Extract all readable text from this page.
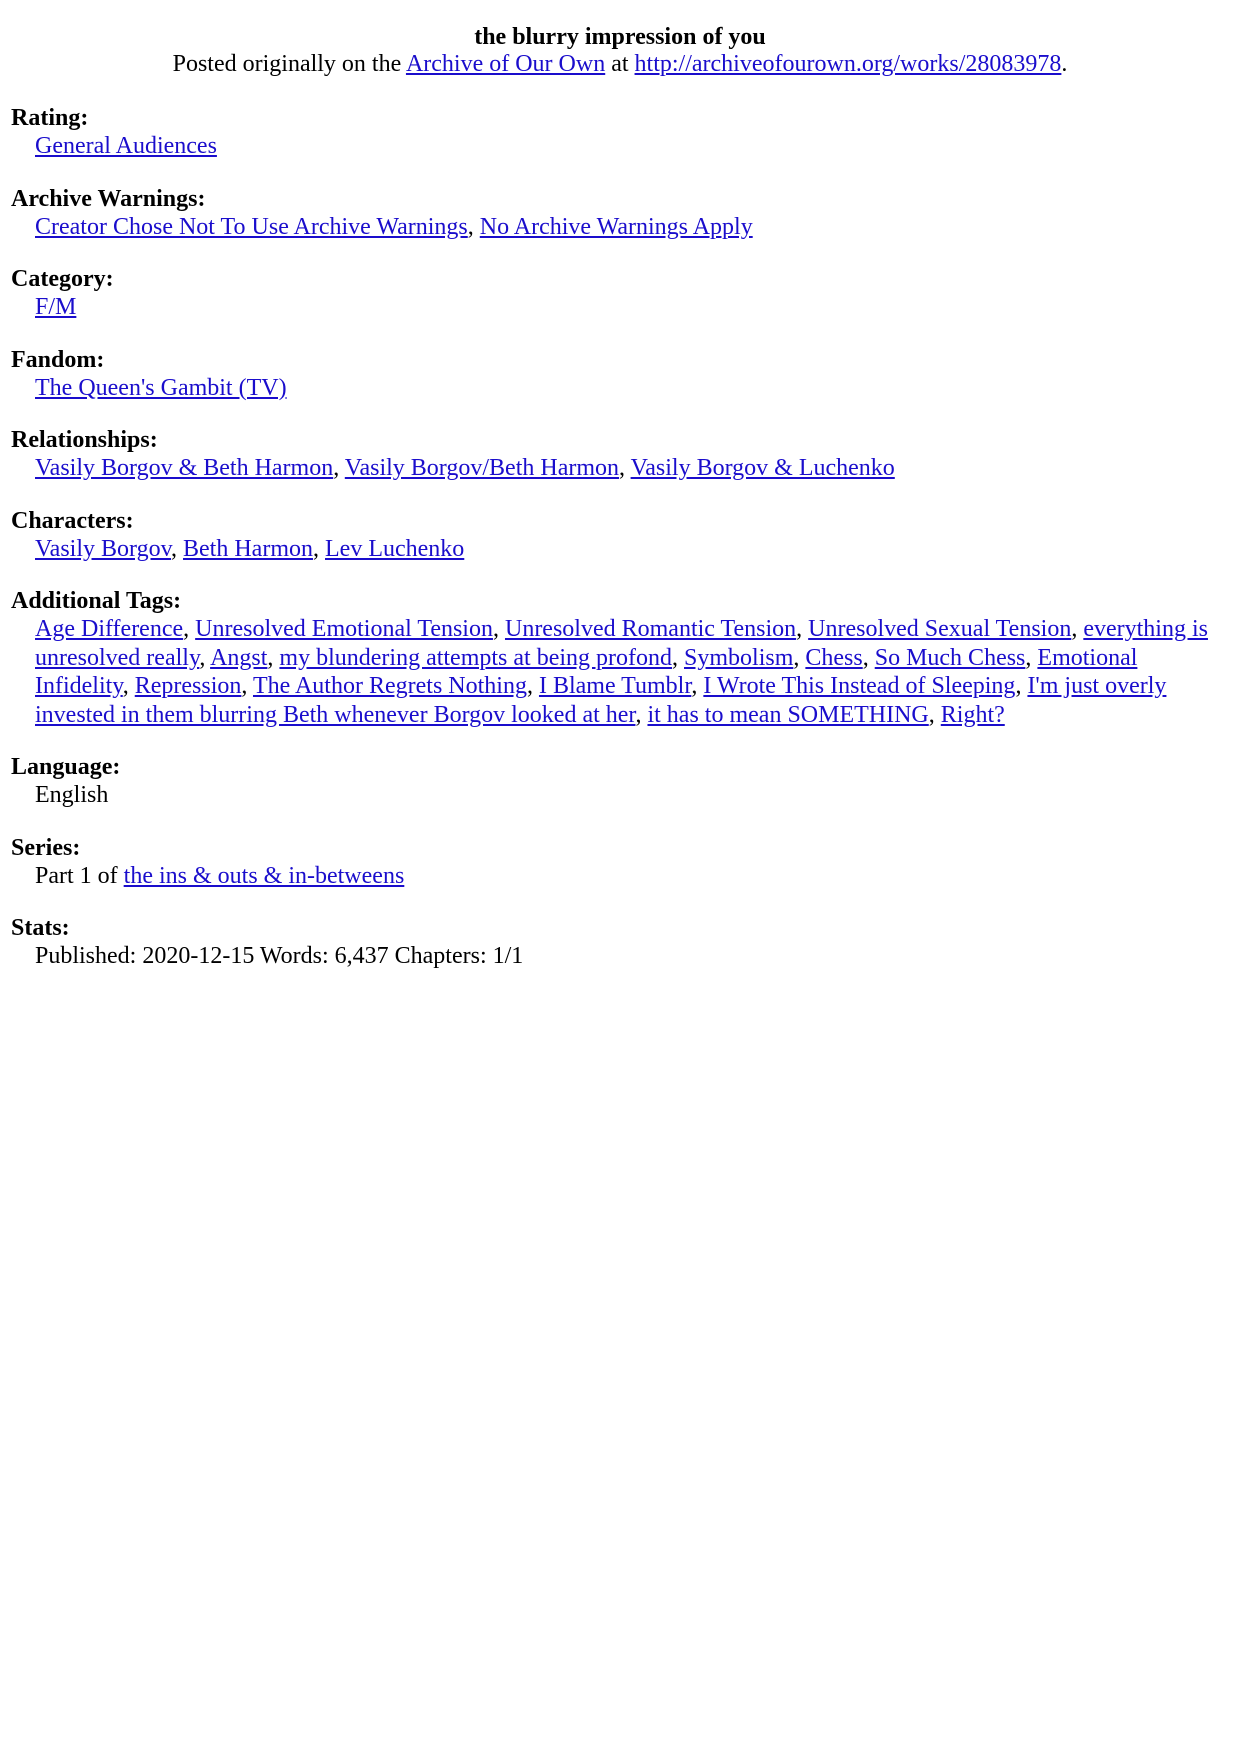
the blurry impression of you
Posted originally on the Archive of Our Own at http://archiveofourown.org/works/28083978.
Rating:
General Audiences
Archive Warnings:
Creator Chose Not To Use Archive Warnings, No Archive Warnings Apply
Category:
F/M
Fandom:
The Queen's Gambit (TV)
Relationships:
Vasily Borgov & Beth Harmon, Vasily Borgov/Beth Harmon, Vasily Borgov & Luchenko
Characters:
Vasily Borgov, Beth Harmon, Lev Luchenko
Additional Tags:
Age Difference, Unresolved Emotional Tension, Unresolved Romantic Tension, Unresolved Sexual Tension, everything is unresolved really, Angst, my blundering attempts at being profond, Symbolism, Chess, So Much Chess, Emotional Infidelity, Repression, The Author Regrets Nothing, I Blame Tumblr, I Wrote This Instead of Sleeping, I'm just overly invested in them blurring Beth whenever Borgov looked at her, it has to mean SOMETHING, Right?
Language:
English
Series:
Part 1 of the ins & outs & in-betweens
Stats:
Published: 2020-12-15 Words: 6,437 Chapters: 1/1
